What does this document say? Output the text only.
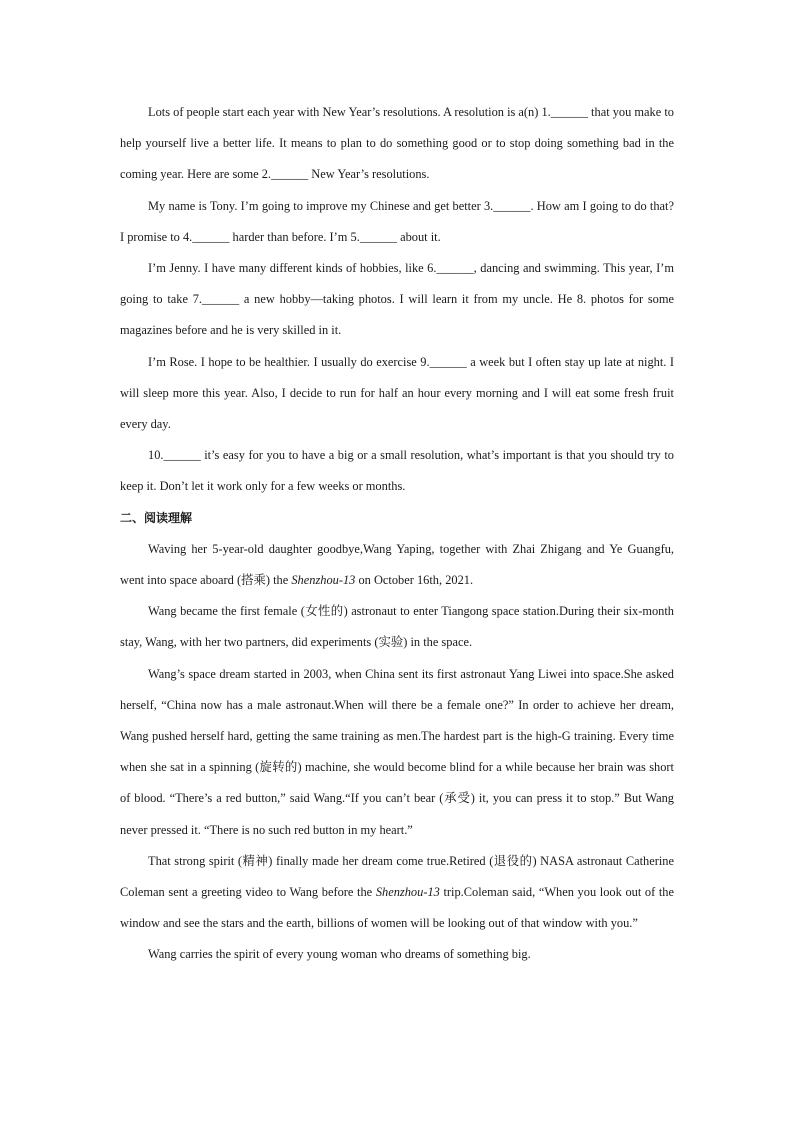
Lots of people start each year with New Year’s resolutions. A resolution is a(n) 1.______ that you make to help yourself live a better life. It means to plan to do something good or to stop doing something bad in the coming year. Here are some 2.______ New Year’s resolutions.

My name is Tony. I’m going to improve my Chinese and get better 3.______. How am I going to do that? I promise to 4.______ harder than before. I’m 5.______ about it.

I’m Jenny. I have many different kinds of hobbies, like 6.______, dancing and swimming. This year, I’m going to take 7.______ a new hobby—taking photos. I will learn it from my uncle. He 8. photos for some magazines before and he is very skilled in it.

I’m Rose. I hope to be healthier. I usually do exercise 9.______ a week but I often stay up late at night. I will sleep more this year. Also, I decide to run for half an hour every morning and I will eat some fresh fruit every day.

10.______ it’s easy for you to have a big or a small resolution, what’s important is that you should try to keep it. Don’t let it work only for a few weeks or months.

二、阅读理解

Waving her 5-year-old daughter goodbye,Wang Yaping, together with Zhai Zhigang and Ye Guangfu, went into space aboard (搭乘) the Shenzhou-13 on October 16th, 2021.

Wang became the first female (女性的) astronaut to enter Tiangong space station.During their six-month stay, Wang, with her two partners, did experiments (实验) in the space.

Wang’s space dream started in 2003, when China sent its first astronaut Yang Liwei into space.She asked herself, “China now has a male astronaut.When will there be a female one?” In order to achieve her dream, Wang pushed herself hard, getting the same training as men.The hardest part is the high-G training. Every time when she sat in a spinning (旋转的) machine, she would become blind for a while because her brain was short of blood. “There’s a red button,” said Wang.“If you can’t bear (承受) it, you can press it to stop.” But Wang never pressed it. “There is no such red button in my heart.”

That strong spirit (精神) finally made her dream come true.Retired (退役的) NASA astronaut Catherine Coleman sent a greeting video to Wang before the Shenzhou-13 trip.Coleman said, “When you look out of the window and see the stars and the earth, billions of women will be looking out of that window with you.”

Wang carries the spirit of every young woman who dreams of something big.
